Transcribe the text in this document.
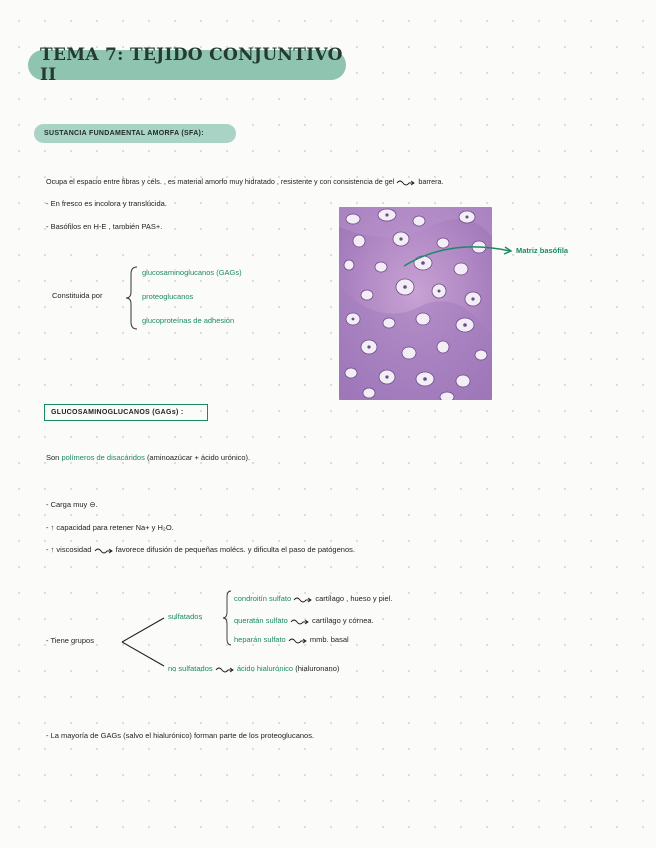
TEMA 7: TEJIDO CONJUNTIVO II
SUSTANCIA FUNDAMENTAL AMORFA (SFA):
Ocupa el espacio entre fibras y céls. , es material amorfo muy hidratado , resistente y con consistencia de gel	barrera.
- En fresco es incolora y translúcida.
- Basófilos en H-E , también PAS+.
Constituida por
glucosaminoglucanos (GAGs)
proteoglucanos
glucoproteínas de adhesión
Matriz basófila
GLUCOSAMINOGLUCANOS (GAGs) :
Son polímeros de disacáridos (aminoazúcar + ácido urónico).
- Carga muy ⊖.
- ↑ capacidad para retener Na+ y H₂O.
- ↑ viscosidad	favorece difusión de pequeñas molécs. y dificulta el paso de patógenos.
- Tiene grupos
sulfatados
condroitín sulfato	cartílago , hueso y piel.
queratán sulfato	cartílago y córnea.
heparán sulfato	mmb. basal
no sulfatados	ácido hialurónico (hialuronano)
- La mayoría de GAGs (salvo el hialurónico) forman parte de los proteoglucanos.
